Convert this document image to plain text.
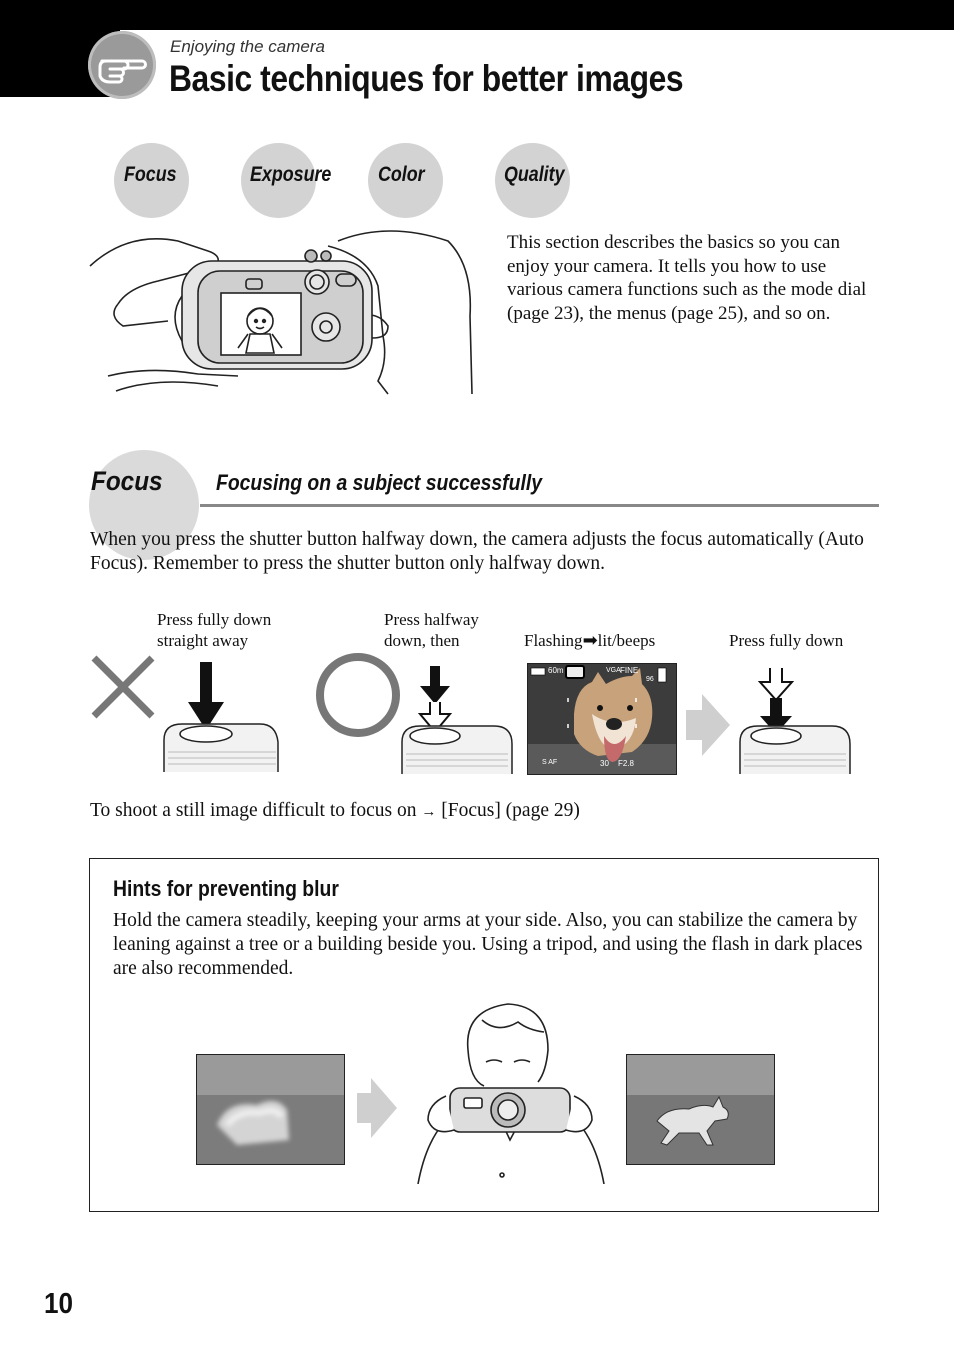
Enjoying the camera
Basic techniques for better images
Focus	Exposure Color	Quality
This section describes the basics so you can enjoy your camera. It tells you how to use various camera functions such as the mode dial (page 23), the menus (page 25), and so on.
Focus Focusing on a subject successfully
When you press the shutter button halfway down, the camera adjusts the focus automatically (Auto Focus). Remember to press the shutter button only halfway down.
Press fully down
straight away
Press halfway
down, then	Flashing➡lit/beeps	Press fully down
60m	VGA FINE
96
S AF	30 F2.8
To shoot a still image difficult to focus on → [Focus] (page 29)
Hints for preventing blur
Hold the camera steadily, keeping your arms at your side. Also, you can stabilize the camera by leaning against a tree or a building beside you. Using a tripod, and using the flash in dark places are also recommended.
10
